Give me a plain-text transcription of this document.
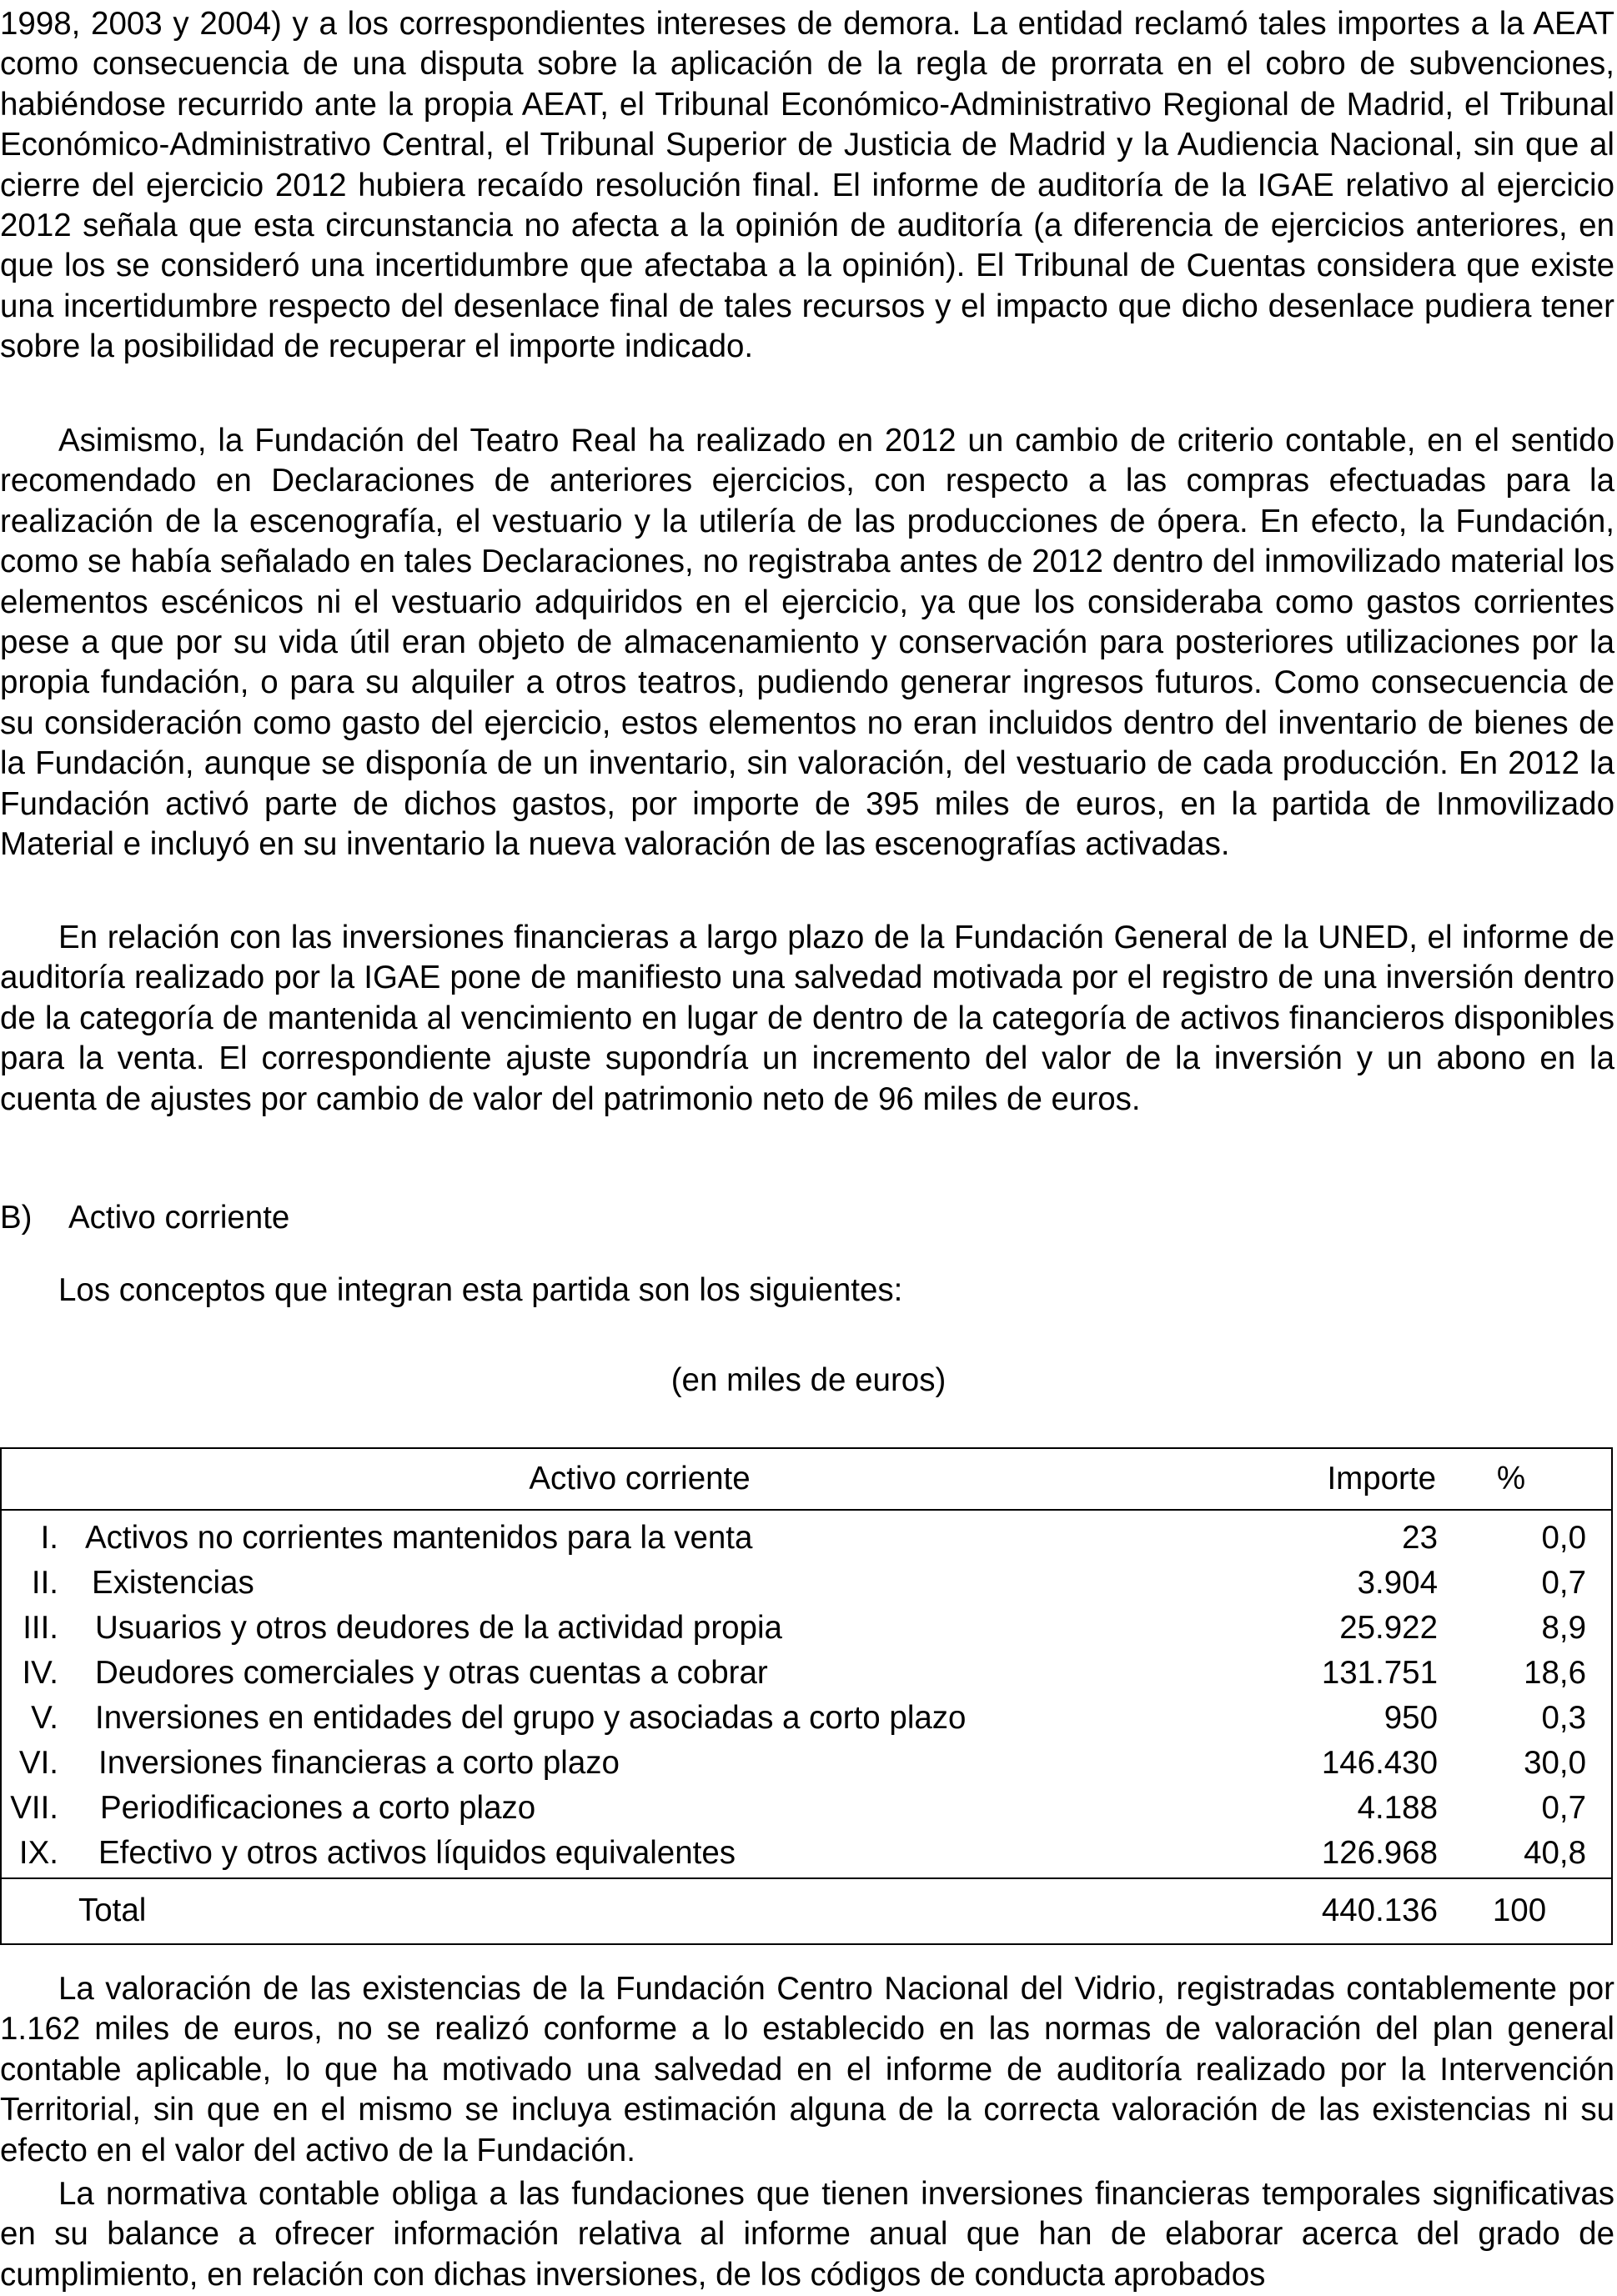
1998, 2003 y 2004) y a los correspondientes intereses de demora. La entidad reclamó tales importes a la AEAT como consecuencia de una disputa sobre la aplicación de la regla de prorrata en el cobro de subvenciones, habiéndose recurrido ante la propia AEAT, el Tribunal Económico-Administrativo Regional de Madrid, el Tribunal Económico-Administrativo Central, el Tribunal Superior de Justicia de Madrid y la Audiencia Nacional, sin que al cierre del ejercicio 2012 hubiera recaído resolución final. El informe de auditoría de la IGAE relativo al ejercicio 2012 señala que esta circunstancia no afecta a la opinión de auditoría (a diferencia de ejercicios anteriores, en que los se consideró una incertidumbre que afectaba a la opinión). El Tribunal de Cuentas considera que existe una incertidumbre respecto del desenlace final de tales recursos y el impacto que dicho desenlace pudiera tener sobre la posibilidad de recuperar el importe indicado.

Asimismo, la Fundación del Teatro Real ha realizado en 2012 un cambio de criterio contable, en el sentido recomendado en Declaraciones de anteriores ejercicios, con respecto a las compras efectuadas para la realización de la escenografía, el vestuario y la utilería de las producciones de ópera. En efecto, la Fundación, como se había señalado en tales Declaraciones, no registraba antes de 2012 dentro del inmovilizado material los elementos escénicos ni el vestuario adquiridos en el ejercicio, ya que los consideraba como gastos corrientes pese a que por su vida útil eran objeto de almacenamiento y conservación para posteriores utilizaciones por la propia fundación, o para su alquiler a otros teatros, pudiendo generar ingresos futuros. Como consecuencia de su consideración como gasto del ejercicio, estos elementos no eran incluidos dentro del inventario de bienes de la Fundación, aunque se disponía de un inventario, sin valoración, del vestuario de cada producción. En 2012 la Fundación activó parte de dichos gastos, por importe de 395 miles de euros, en la partida de Inmovilizado Material e incluyó en su inventario la nueva valoración de las escenografías activadas.

En relación con las inversiones financieras a largo plazo de la Fundación General de la UNED, el informe de auditoría realizado por la IGAE pone de manifiesto una salvedad motivada por el registro de una inversión dentro de la categoría de mantenida al vencimiento en lugar de dentro de la categoría de activos financieros disponibles para la venta. El correspondiente ajuste supondría un incremento del valor de la inversión y un abono en la cuenta de ajustes por cambio de valor del patrimonio neto de 96 miles de euros.

B) Activo corriente

Los conceptos que integran esta partida son los siguientes:

(en miles de euros)

Activo corriente	Importe	%
I. Activos no corrientes mantenidos para la venta	23	0,0
II. Existencias	3.904	0,7
III. Usuarios y otros deudores de la actividad propia	25.922	8,9
IV. Deudores comerciales y otras cuentas a cobrar	131.751	18,6
V. Inversiones en entidades del grupo y asociadas a corto plazo	950	0,3
VI. Inversiones financieras a corto plazo	146.430	30,0
VII. Periodificaciones a corto plazo	4.188	0,7
IX. Efectivo y otros activos líquidos equivalentes	126.968	40,8
Total	440.136 100

La valoración de las existencias de la Fundación Centro Nacional del Vidrio, registradas contablemente por 1.162 miles de euros, no se realizó conforme a lo establecido en las normas de valoración del plan general contable aplicable, lo que ha motivado una salvedad en el informe de auditoría realizado por la Intervención Territorial, sin que en el mismo se incluya estimación alguna de la correcta valoración de las existencias ni su efecto en el valor del activo de la Fundación.

La normativa contable obliga a las fundaciones que tienen inversiones financieras temporales significativas en su balance a ofrecer información relativa al informe anual que han de elaborar acerca del grado de cumplimiento, en relación con dichas inversiones, de los códigos de conducta aprobados
